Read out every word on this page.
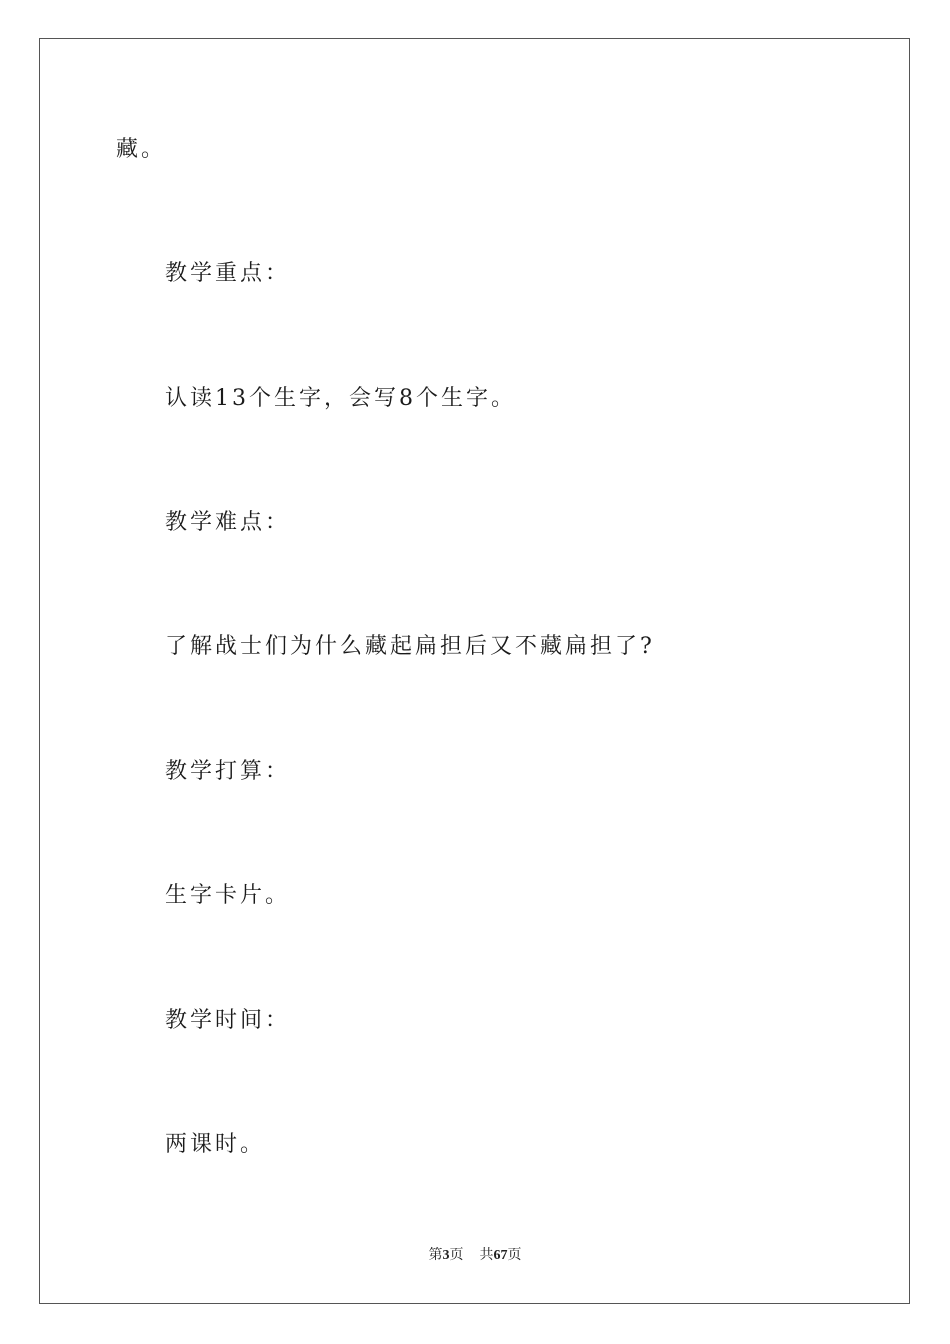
藏。
教学重点：
认读13个生字，会写8个生字。
教学难点：
了解战士们为什么藏起扁担后又不藏扁担了?
教学打算：
生字卡片。
教学时间：
两课时。
第3页 共67页
